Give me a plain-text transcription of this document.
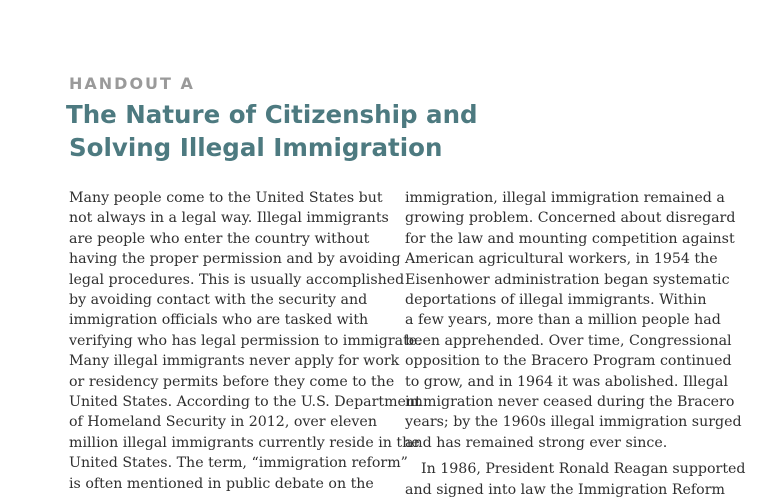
HANDOUT A
The Nature of Citizenship and
Solving Illegal Immigration
Many people come to the United States but
not always in a legal way. Illegal immigrants
are people who enter the country without
having the proper permission and by avoiding
legal procedures. This is usually accomplished
by avoiding contact with the security and
immigration officials who are tasked with
verifying who has legal permission to immigrate.
Many illegal immigrants never apply for work
or residency permits before they come to the
United States. According to the U.S. Department
of Homeland Security in 2012, over eleven
million illegal immigrants currently reside in the
United States. The term, “immigration reform”
is often mentioned in public debate on the
immigration, illegal immigration remained a
growing problem. Concerned about disregard
for the law and mounting competition against
American agricultural workers, in 1954 the
Eisenhower administration began systematic
deportations of illegal immigrants. Within
a few years, more than a million people had
been apprehended. Over time, Congressional
opposition to the Bracero Program continued
to grow, and in 1964 it was abolished. Illegal
immigration never ceased during the Bracero
years; by the 1960s illegal immigration surged
and has remained strong ever since.
In 1986, President Ronald Reagan supported
and signed into law the Immigration Reform
